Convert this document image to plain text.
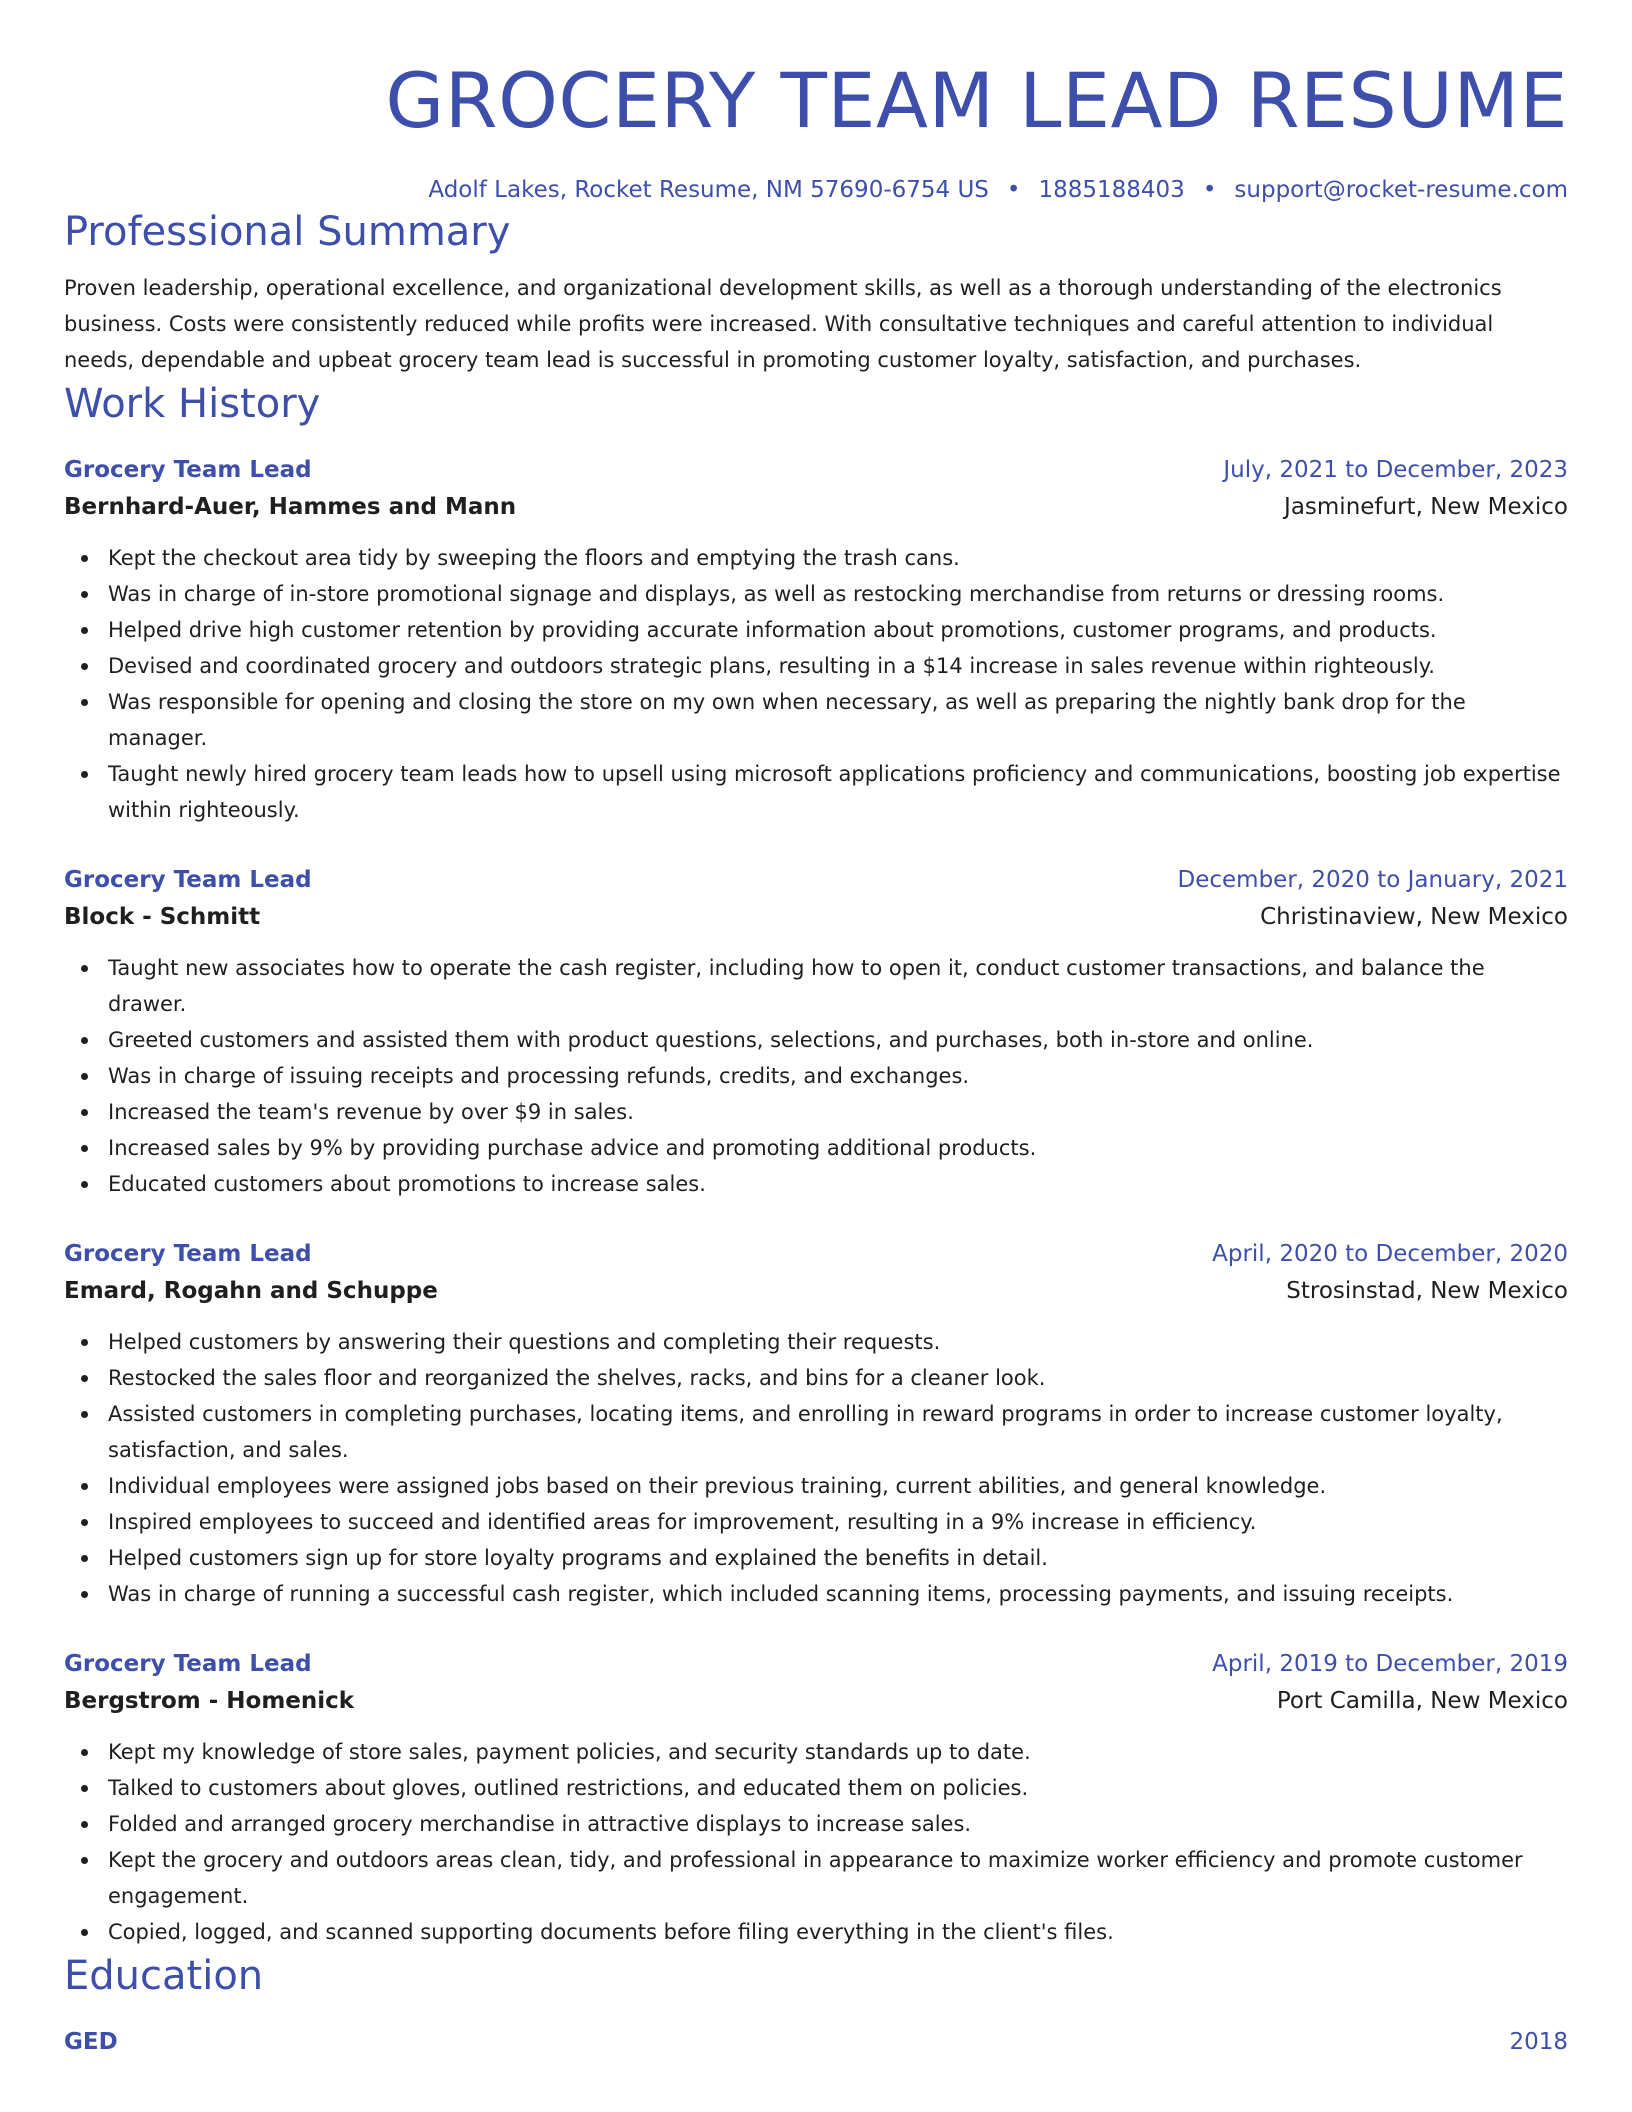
GROCERY TEAM LEAD RESUME
Adolf Lakes, Rocket Resume, NM 57690-6754 US • 1885188403 • support@rocket-resume.com
Professional Summary

Proven leadership, operational excellence, and organizational development skills, as well as a thorough understanding of the electronics business. Costs were consistently reduced while profits were increased. With consultative techniques and careful attention to individual needs, dependable and upbeat grocery team lead is successful in promoting customer loyalty, satisfaction, and purchases.

Work History
Grocery Team Lead	July, 2021 to December, 2023
Bernhard-Auer, Hammes and Mann	Jasminefurt, New Mexico
Kept the checkout area tidy by sweeping the floors and emptying the trash cans.
Was in charge of in-store promotional signage and displays, as well as restocking merchandise from returns or dressing rooms.
Helped drive high customer retention by providing accurate information about promotions, customer programs, and products.
Devised and coordinated grocery and outdoors strategic plans, resulting in a $14 increase in sales revenue within righteously.
Was responsible for opening and closing the store on my own when necessary, as well as preparing the nightly bank drop for the manager.
Taught newly hired grocery team leads how to upsell using microsoft applications proficiency and communications, boosting job expertise within righteously.
Grocery Team Lead	December, 2020 to January, 2021
Block - Schmitt	Christinaview, New Mexico
Taught new associates how to operate the cash register, including how to open it, conduct customer transactions, and balance the drawer.
Greeted customers and assisted them with product questions, selections, and purchases, both in-store and online.
Was in charge of issuing receipts and processing refunds, credits, and exchanges.
Increased the team's revenue by over $9 in sales.
Increased sales by 9% by providing purchase advice and promoting additional products.
Educated customers about promotions to increase sales.
Grocery Team Lead	April, 2020 to December, 2020
Emard, Rogahn and Schuppe	Strosinstad, New Mexico
Helped customers by answering their questions and completing their requests.
Restocked the sales floor and reorganized the shelves, racks, and bins for a cleaner look.
Assisted customers in completing purchases, locating items, and enrolling in reward programs in order to increase customer loyalty, satisfaction, and sales.
Individual employees were assigned jobs based on their previous training, current abilities, and general knowledge.
Inspired employees to succeed and identified areas for improvement, resulting in a 9% increase in efficiency.
Helped customers sign up for store loyalty programs and explained the benefits in detail.
Was in charge of running a successful cash register, which included scanning items, processing payments, and issuing receipts.
Grocery Team Lead	April, 2019 to December, 2019
Bergstrom - Homenick	Port Camilla, New Mexico
Kept my knowledge of store sales, payment policies, and security standards up to date.
Talked to customers about gloves, outlined restrictions, and educated them on policies.
Folded and arranged grocery merchandise in attractive displays to increase sales.
Kept the grocery and outdoors areas clean, tidy, and professional in appearance to maximize worker efficiency and promote customer engagement.
Copied, logged, and scanned supporting documents before filing everything in the client's files.
Education
GED	2018
